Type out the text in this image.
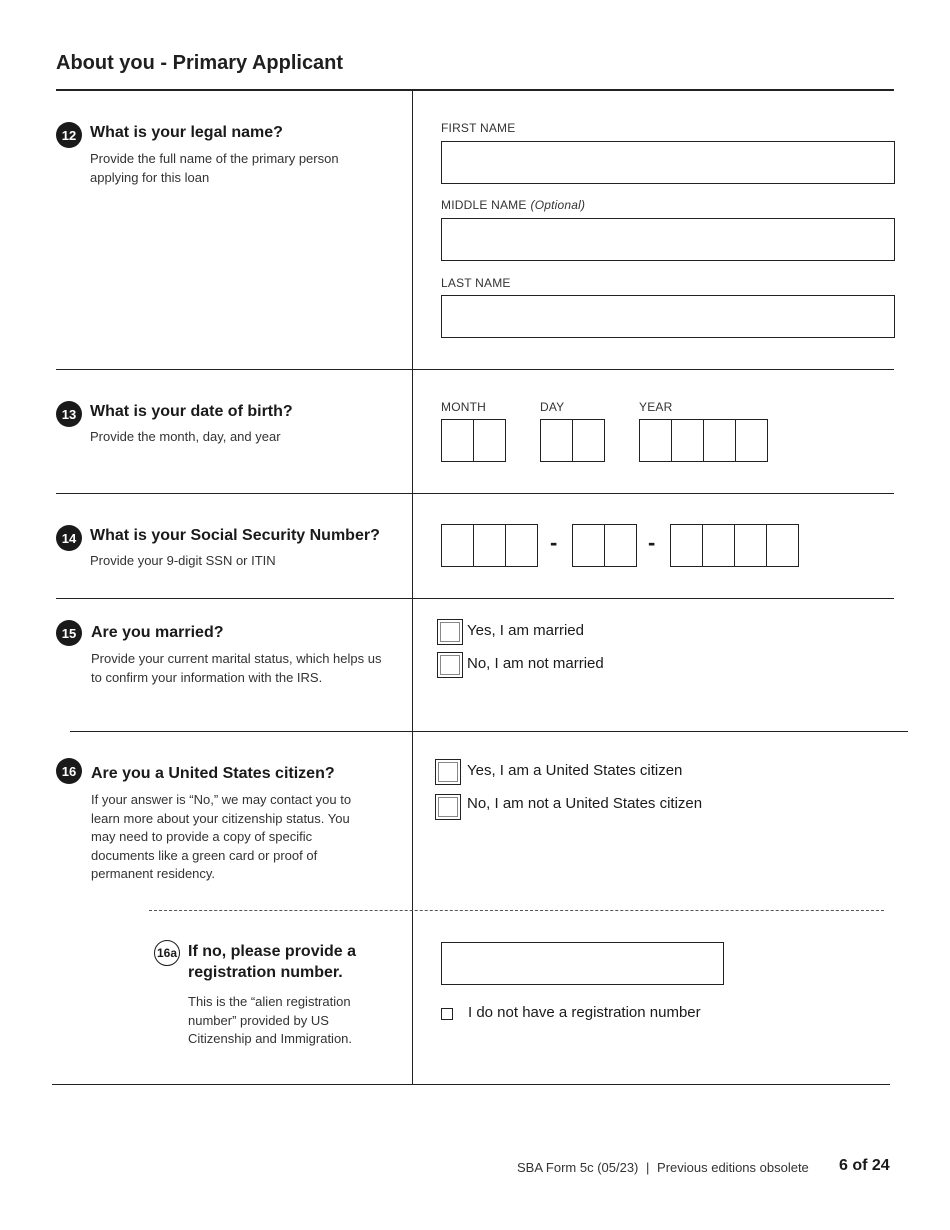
About you - Primary Applicant
12 What is your legal name?
Provide the full name of the primary person applying for this loan
FIRST NAME
MIDDLE NAME (Optional)
LAST NAME
13 What is your date of birth?
Provide the month, day, and year
MONTH	DAY	YEAR
14 What is your Social Security Number?
Provide your 9-digit SSN or ITIN
-	-
15 Are you married?
Provide your current marital status, which helps us to confirm your information with the IRS.
Yes, I am married
No, I am not married
16 Are you a United States citizen?
If your answer is “No,” we may contact you to learn more about your citizenship status. You may need to provide a copy of specific documents like a green card or proof of permanent residency.
Yes, I am a United States citizen
No, I am not a United States citizen
16a If no, please provide a registration number.
This is the “alien registration number” provided by US Citizenship and Immigration.
I do not have a registration number
SBA Form 5c (05/23) | Previous editions obsolete 6 of 24
